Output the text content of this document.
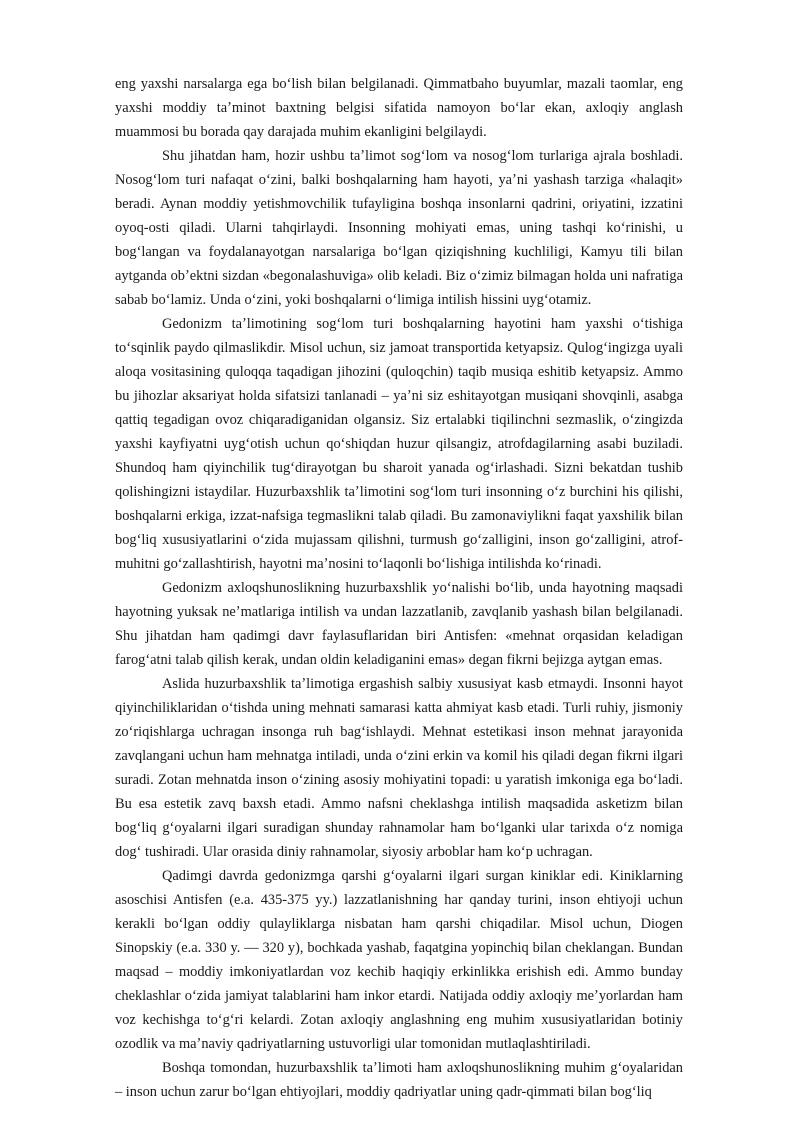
eng yaxshi narsalarga ega boʻlish bilan belgilanadi. Qimmatbaho buyumlar, mazali taomlar, eng yaxshi moddiy taʼminot baxtning belgisi sifatida namoyon boʻlar ekan, axloqiy anglash muammosi bu borada qay darajada muhim ekanligini belgilaydi.

Shu jihatdan ham, hozir ushbu taʼlimot sogʻlom va nosogʻlom turlariga ajrala boshladi. Nosogʻlom turi nafaqat oʻzini, balki boshqalarning ham hayoti, yaʼni yashash tarziga «halaqit» beradi. Aynan moddiy yetishmovchilik tufayligina boshqa insonlarni qadrini, oriyatini, izzatini oyoq-osti qiladi. Ularni tahqirlaydi. Insonning mohiyati emas, uning tashqi koʻrinishi, u bogʻlangan va foydalanayotgan narsalariga boʻlgan qiziqishning kuchliligi, Kamyu tili bilan aytganda obʼektni sizdan «begonalashuviga» olib keladi. Biz oʻzimiz bilmagan holda uni nafratiga sabab boʻlamiz. Unda oʻzini, yoki boshqalarni oʻlimiga intilish hissini uygʻotamiz.

Gedonizm taʼlimotining sogʻlom turi boshqalarning hayotini ham yaxshi oʻtishiga toʻsqinlik paydo qilmaslikdir. Misol uchun, siz jamoat transportida ketyapsiz. Qulogʻingizga uyali aloqa vositasining quloqqa taqadigan jihozini (quloqchin) taqib musiqa eshitib ketyapsiz. Ammo bu jihozlar aksariyat holda sifatsizi tanlanadi – yaʼni siz eshitayotgan musiqani shovqinli, asabga qattiq tegadigan ovoz chiqaradiganidan olgansiz. Siz ertalabki tiqilinchni sezmaslik, oʻzingizda yaxshi kayfiyatni uygʻotish uchun qoʻshiqdan huzur qilsangiz, atrofdagilarning asabi buziladi. Shundoq ham qiyinchilik tugʻdirayotgan bu sharoit yanada ogʻirlashadi. Sizni bekatdan tushib qolishingizni istaydilar. Huzurbaxshlik taʼlimotini sogʻlom turi insonning oʻz burchini his qilishi, boshqalarni erkiga, izzat-nafsiga tegmaslikni talab qiladi. Bu zamonaviylikni faqat yaxshilik bilan bogʻliq xususiyatlarini oʻzida mujassam qilishni, turmush goʻzalligini, inson goʻzalligini, atrof-muhitni goʻzallashtirish, hayotni maʼnosini toʻlaqonli boʻlishiga intilishda koʻrinadi.

Gedonizm axloqshunoslikning huzurbaxshlik yoʻnalishi boʻlib, unda hayotning maqsadi hayotning yuksak neʼmatlariga intilish va undan lazzatlanib, zavqlanib yashash bilan belgilanadi. Shu jihatdan ham qadimgi davr faylasuflaridan biri Antisfen: «mehnat orqasidan keladigan farogʻatni talab qilish kerak, undan oldin keladiganini emas» degan fikrni bejizga aytgan emas.

Aslida huzurbaxshlik taʼlimotiga ergashish salbiy xususiyat kasb etmaydi. Insonni hayot qiyinchiliklaridan oʻtishda uning mehnati samarasi katta ahmiyat kasb etadi. Turli ruhiy, jismoniy zoʻriqishlarga uchragan insonga ruh bagʻishlaydi. Mehnat estetikasi inson mehnat jarayonida zavqlangani uchun ham mehnatga intiladi, unda oʻzini erkin va komil his qiladi degan fikrni ilgari suradi. Zotan mehnatda inson oʻzining asosiy mohiyatini topadi: u yaratish imkoniga ega boʻladi. Bu esa estetik zavq baxsh etadi. Ammo nafsni cheklashga intilish maqsadida asketizm bilan bogʻliq gʻoyalarni ilgari suradigan shunday rahnamolar ham boʻlganki ular tarixda oʻz nomiga dogʻ tushiradi. Ular orasida diniy rahnamolar, siyosiy arboblar ham koʻp uchragan.

Qadimgi davrda gedonizmga qarshi gʻoyalarni ilgari surgan kiniklar edi. Kiniklarning asoschisi Antisfen (e.a. 435-375 yy.) lazzatlanishning har qanday turini, inson ehtiyoji uchun kerakli boʻlgan oddiy qulayliklarga nisbatan ham qarshi chiqadilar. Misol uchun, Diogen Sinopskiy (e.a. 330 y. — 320 y), bochkada yashab, faqatgina yopinchiq bilan cheklangan. Bundan maqsad – moddiy imkoniyatlardan voz kechib haqiqiy erkinlikka erishish edi. Ammo bunday cheklashlar oʻzida jamiyat talablarini ham inkor etardi. Natijada oddiy axloqiy meʼyorlardan ham voz kechishga toʻgʻri kelardi. Zotan axloqiy anglashning eng muhim xususiyatlaridan botiniy ozodlik va maʼnaviy qadriyatlarning ustuvorligi ular tomonidan mutlaqlashtiriladi.

Boshqa tomondan, huzurbaxshlik taʼlimoti ham axloqshunoslikning muhim gʻoyalaridan – inson uchun zarur boʻlgan ehtiyojlari, moddiy qadriyatlar uning qadr-qimmati bilan bogʻliq
